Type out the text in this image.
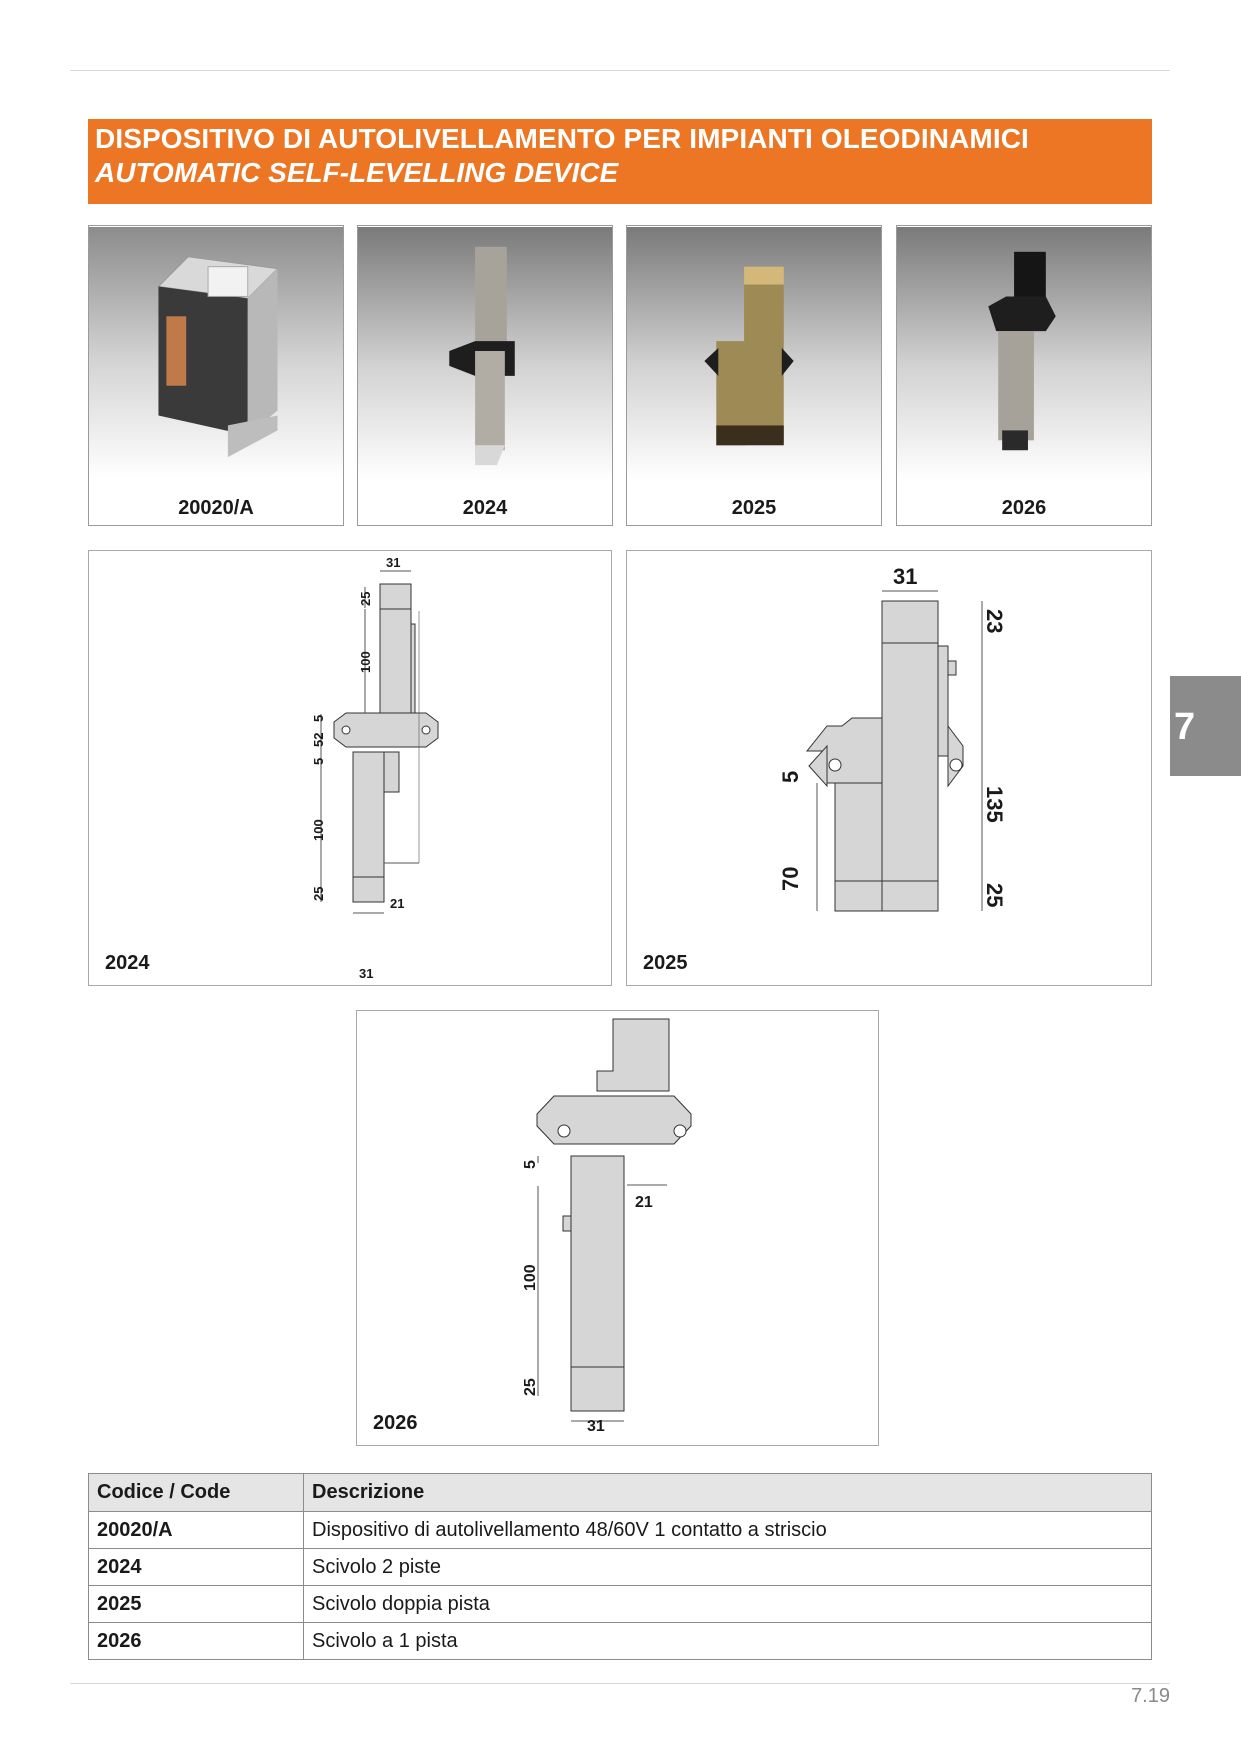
DISPOSITIVO DI AUTOLIVELLAMENTO PER IMPIANTI OLEODINAMICI
AUTOMATIC SELF-LEVELLING DEVICE
20020/A	2024	2025	2026
31
25
100
5
52
5
100
25
21
31
2024
31
23
5
135
70
25
2025
5
21
100
25
31
2026
7
Codice / Code	Descrizione
20020/A	Dispositivo di autolivellamento 48/60V 1 contatto a striscio
2024	Scivolo 2 piste
2025	Scivolo doppia pista
2026	Scivolo a 1 pista
7.19
